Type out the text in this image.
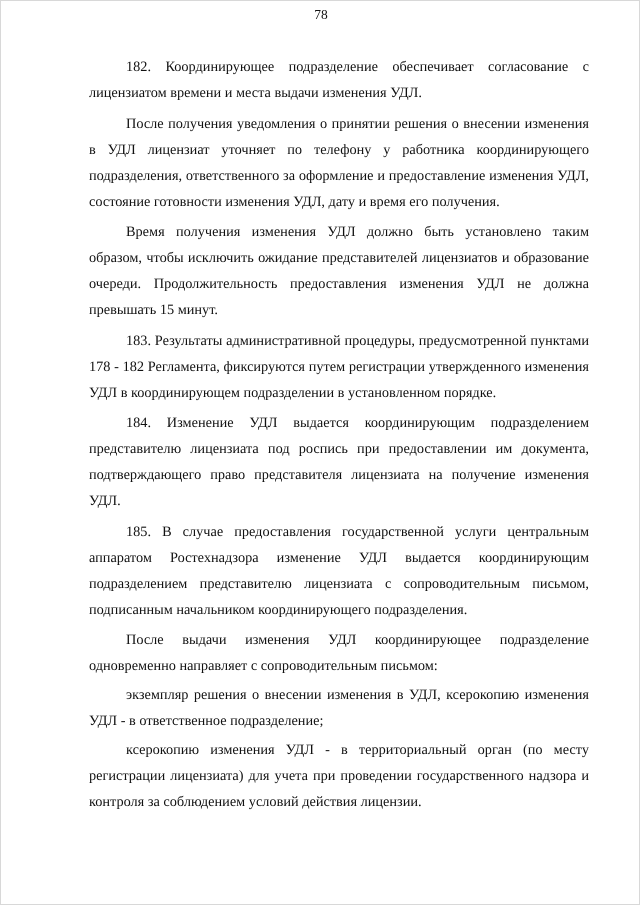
78

182. Координирующее подразделение обеспечивает согласование с лицензиатом времени и места выдачи изменения УДЛ.

После получения уведомления о принятии решения о внесении изменения в УДЛ лицензиат уточняет по телефону у работника координирующего подразделения, ответственного за оформление и предоставление изменения УДЛ, состояние готовности изменения УДЛ, дату и время его получения.

Время получения изменения УДЛ должно быть установлено таким образом, чтобы исключить ожидание представителей лицензиатов и образование очереди. Продолжительность предоставления изменения УДЛ не должна превышать 15 минут.

183. Результаты административной процедуры, предусмотренной пунктами 178 - 182 Регламента, фиксируются путем регистрации утвержденного изменения УДЛ в координирующем подразделении в установленном порядке.

184. Изменение УДЛ выдается координирующим подразделением представителю лицензиата под роспись при предоставлении им документа, подтверждающего право представителя лицензиата на получение изменения УДЛ.

185. В случае предоставления государственной услуги центральным аппаратом Ростехнадзора изменение УДЛ выдается координирующим подразделением представителю лицензиата с сопроводительным письмом, подписанным начальником координирующего подразделения.

После выдачи изменения УДЛ координирующее подразделение одновременно направляет с сопроводительным письмом:

экземпляр решения о внесении изменения в УДЛ, ксерокопию изменения УДЛ - в ответственное подразделение;

ксерокопию изменения УДЛ - в территориальный орган (по месту регистрации лицензиата) для учета при проведении государственного надзора и контроля за соблюдением условий действия лицензии.
